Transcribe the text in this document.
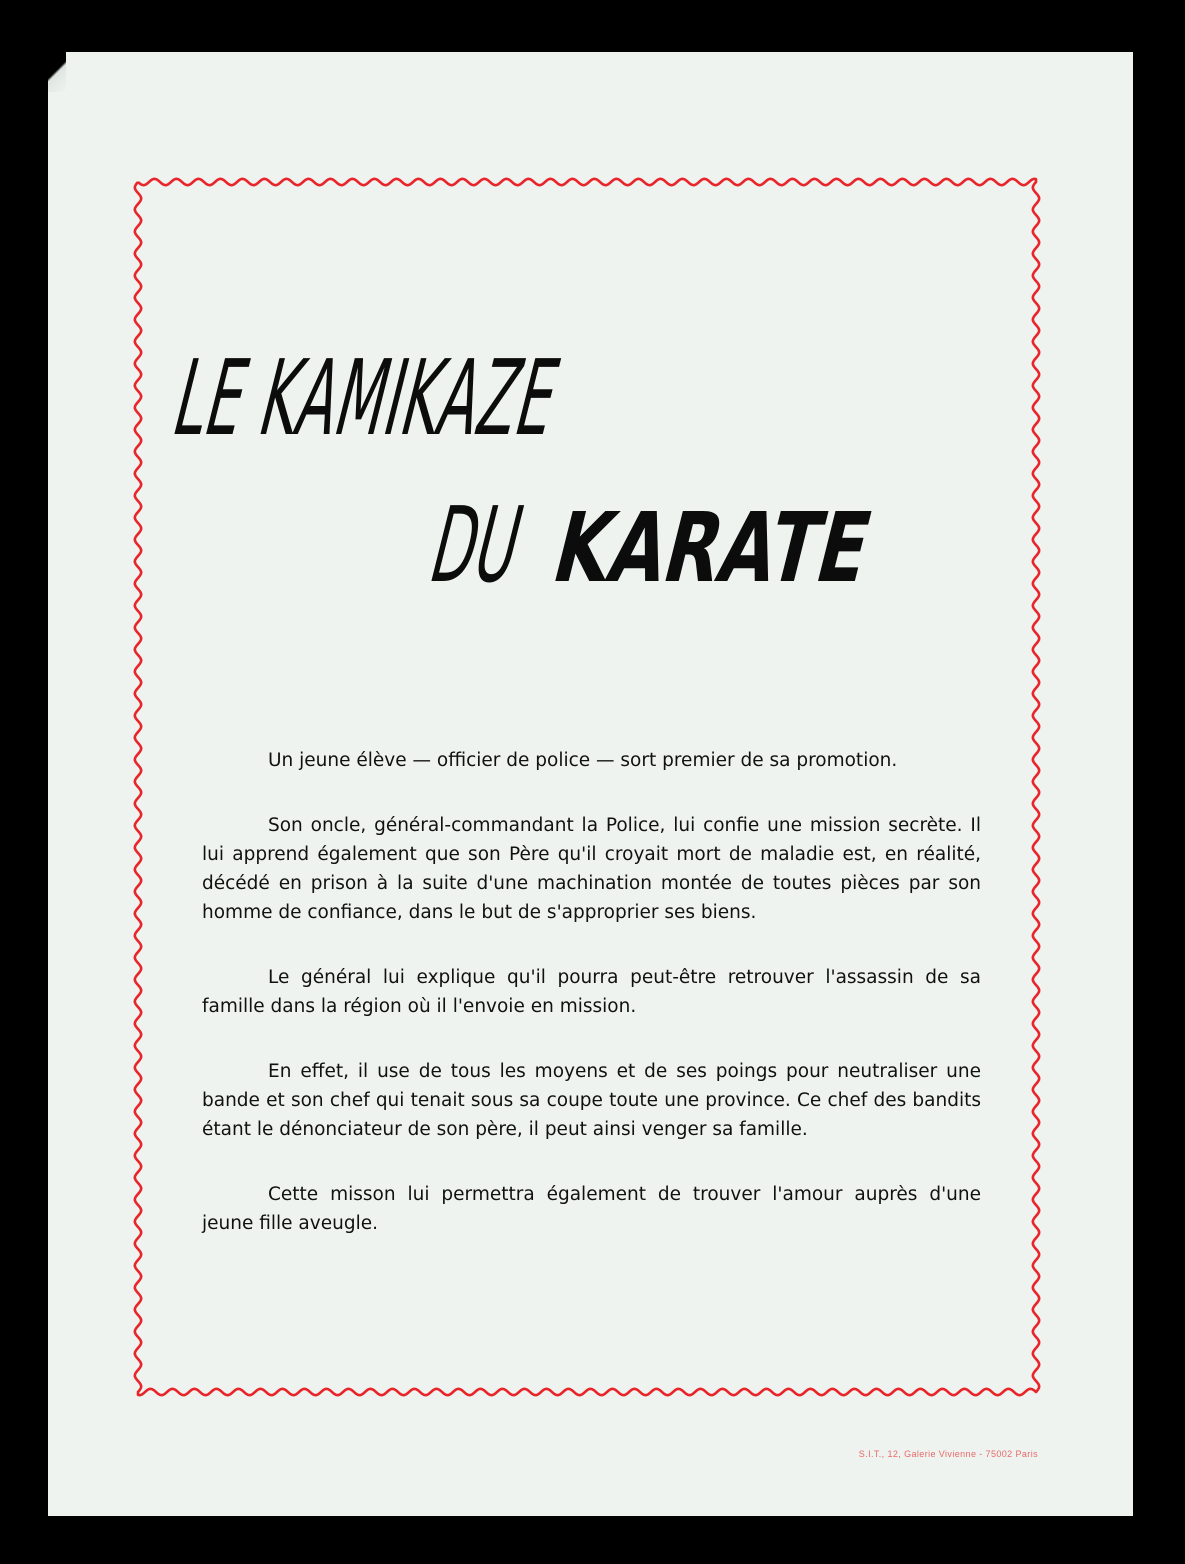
LE KAMIKAZE
DU KARATE

Un jeune élève — officier de police — sort premier de sa promotion.

Son oncle, général-commandant la Police, lui confie une mission secrète. Il lui apprend également que son Père qu'il croyait mort de maladie est, en réalité, décédé en prison à la suite d'une machination montée de toutes pièces par son homme de confiance, dans le but de s'approprier ses biens.

Le général lui explique qu'il pourra peut-être retrouver l'assassin de sa famille dans la région où il l'envoie en mission.

En effet, il use de tous les moyens et de ses poings pour neutraliser une bande et son chef qui tenait sous sa coupe toute une province. Ce chef des bandits étant le dénonciateur de son père, il peut ainsi venger sa famille.

Cette misson lui permettra également de trouver l'amour auprès d'une jeune fille aveugle.

S.I.T., 12, Galerie Vivienne - 75002 Paris
